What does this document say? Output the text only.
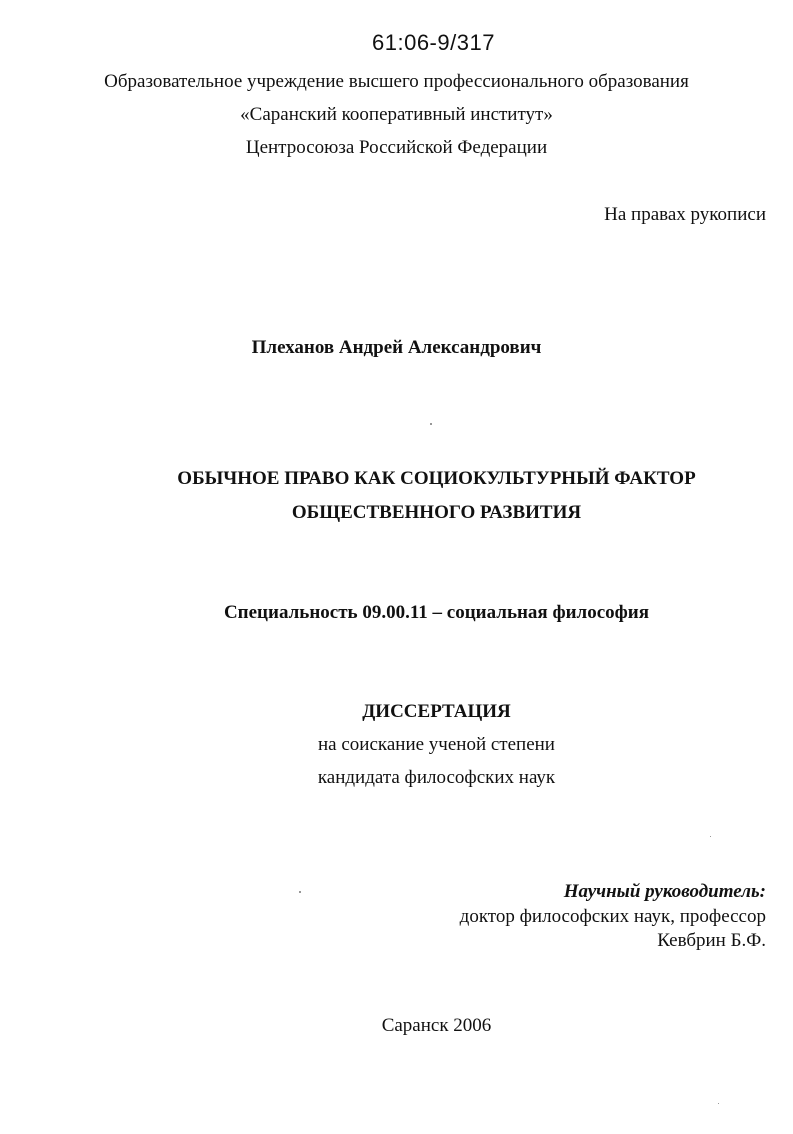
61:06-9/317
Образовательное учреждение высшего профессионального образования
«Саранский кооперативный институт»
Центросоюза Российской Федерации
На правах рукописи
Плеханов Андрей Александрович
ОБЫЧНОЕ ПРАВО КАК СОЦИОКУЛЬТУРНЫЙ ФАКТОР
ОБЩЕСТВЕННОГО РАЗВИТИЯ
Специальность 09.00.11 – социальная философия
ДИССЕРТАЦИЯ
на соискание ученой степени
кандидата философских наук
Научный руководитель:
доктор философских наук, профессор
Кевбрин Б.Ф.
Саранск 2006
